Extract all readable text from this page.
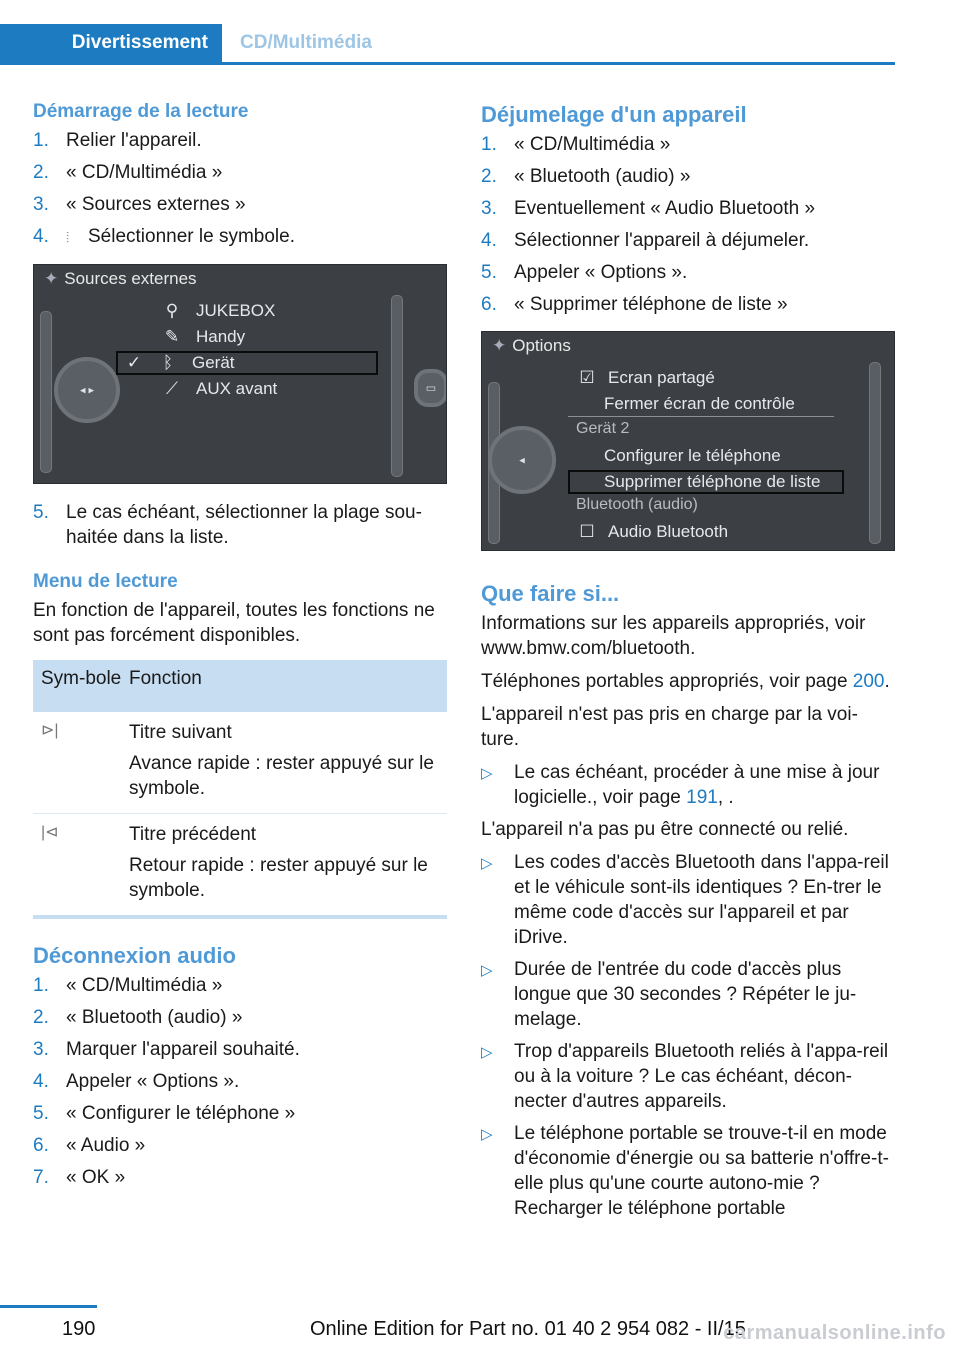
Divertissement	CD/Multimédia
Démarrage de la lecture
1. Relier l'appareil.
2. « CD/Multimédia »
3. « Sources externes »
4. ⦙ Sélectionner le symbole.
✦ Sources externes
◂ ▸
⚲ JUKEBOX
✎ Handy
✓ ᛒ Gerät
⟋ AUX avant	▭
5. Le cas échéant, sélectionner la plage sou-haitée dans la liste.
Menu de lecture

En fonction de l'appareil, toutes les fonctions ne sont pas forcément disponibles.

Sym-bole Fonction
⊳|	Titre suivant

Avance rapide : rester appuyé sur le symbole.

|⊲	Titre précédent

Retour rapide : rester appuyé sur le symbole.

Déconnexion audio
1. « CD/Multimédia »
2. « Bluetooth (audio) »
3. Marquer l'appareil souhaité.
4. Appeler « Options ».
5. « Configurer le téléphone »
6. « Audio »
7. « OK »
Déjumelage d'un appareil
1. « CD/Multimédia »
2. « Bluetooth (audio) »
3. Eventuellement « Audio Bluetooth »
4. Sélectionner l'appareil à déjumeler.
5. Appeler « Options ».
6. « Supprimer téléphone de liste »
✦ Options
◂
☑ Ecran partagé
Fermer écran de contrôle
Gerät 2
Configurer le téléphone
Supprimer téléphone de liste
Bluetooth (audio)
☐ Audio Bluetooth
Que faire si...

Informations sur les appareils appropriés, voir www.bmw.com/bluetooth.

Téléphones portables appropriés, voir page 200.

L'appareil n'est pas pris en charge par la voi-ture.

▷ Le cas échéant, procéder à une mise à jour logicielle., voir page 191, .

L'appareil n'a pas pu être connecté ou relié.

▷ Les codes d'accès Bluetooth dans l'appa-reil et le véhicule sont-ils identiques ? En-trer le même code d'accès sur l'appareil et par iDrive.
▷ Durée de l'entrée du code d'accès plus longue que 30 secondes ? Répéter le ju-melage.
▷ Trop d'appareils Bluetooth reliés à l'appa-reil ou à la voiture ? Le cas échéant, décon-necter d'autres appareils.
▷ Le téléphone portable se trouve-t-il en mode d'économie d'énergie ou sa batterie n'offre-t-elle plus qu'une courte autono-mie ? Recharger le téléphone portable
190	Online Edition for Part no. 01 40 2 954 082 - II/15
carmanualsonline.info
